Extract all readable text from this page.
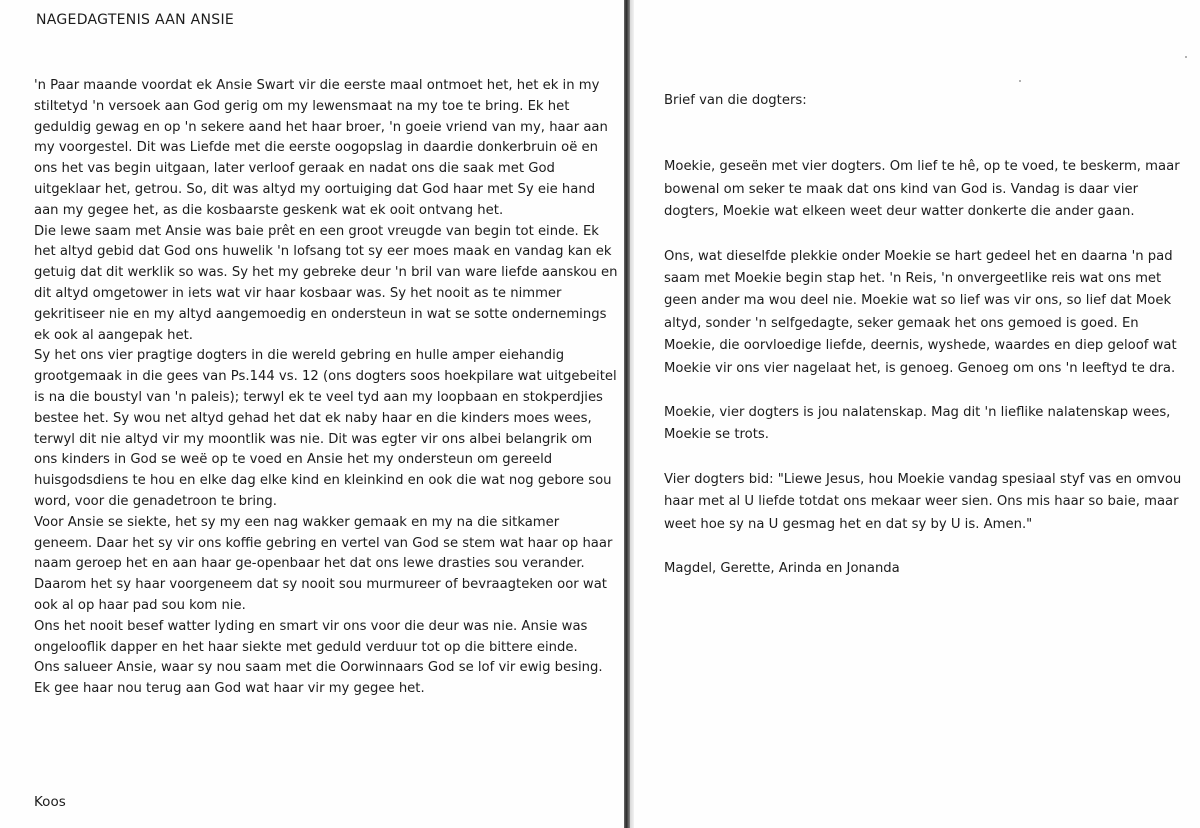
NAGEDAGTENIS AAN ANSIE

'n Paar maande voordat ek Ansie Swart vir die eerste maal ontmoet het, het ek in my stiltetyd 'n versoek aan God gerig om my lewensmaat na my toe te bring. Ek het geduldig gewag en op 'n sekere aand het haar broer, 'n goeie vriend van my, haar aan my voorgestel. Dit was Liefde met die eerste oogopslag in daardie donkerbruin oë en ons het vas begin uitgaan, later verloof geraak en nadat ons die saak met God uitgeklaar het, getrou. So, dit was altyd my oortuiging dat God haar met Sy eie hand aan my gegee het, as die kosbaarste geskenk wat ek ooit ontvang het.

Die lewe saam met Ansie was baie prêt en een groot vreugde van begin tot einde. Ek het altyd gebid dat God ons huwelik 'n lofsang tot sy eer moes maak en vandag kan ek getuig dat dit werklik so was. Sy het my gebreke deur 'n bril van ware liefde aanskou en dit altyd omgetower in iets wat vir haar kosbaar was. Sy het nooit as te nimmer gekritiseer nie en my altyd aangemoedig en ondersteun in wat se sotte ondernemings ek ook al aangepak het.

Sy het ons vier pragtige dogters in die wereld gebring en hulle amper eiehandig grootgemaak in die gees van Ps.144 vs. 12 (ons dogters soos hoekpilare wat uitgebeitel is na die boustyl van 'n paleis); terwyl ek te veel tyd aan my loopbaan en stokperdjies bestee het. Sy wou net altyd gehad het dat ek naby haar en die kinders moes wees, terwyl dit nie altyd vir my moontlik was nie. Dit was egter vir ons albei belangrik om ons kinders in God se weë op te voed en Ansie het my ondersteun om gereeld huisgodsdiens te hou en elke dag elke kind en kleinkind en ook die wat nog gebore sou word, voor die genadetroon te bring.

Voor Ansie se siekte, het sy my een nag wakker gemaak en my na die sitkamer geneem. Daar het sy vir ons koffie gebring en vertel van God se stem wat haar op haar naam geroep het en aan haar ge-openbaar het dat ons lewe drasties sou verander. Daarom het sy haar voorgeneem dat sy nooit sou murmureer of bevraagteken oor wat ook al op haar pad sou kom nie.

Ons het nooit besef watter lyding en smart vir ons voor die deur was nie. Ansie was ongelooflik dapper en het haar siekte met geduld verduur tot op die bittere einde.

Ons salueer Ansie, waar sy nou saam met die Oorwinnaars God se lof vir ewig besing. Ek gee haar nou terug aan God wat haar vir my gegee het.

Koos

Brief van die dogters:

Moekie, geseën met vier dogters. Om lief te hê, op te voed, te beskerm, maar bowenal om seker te maak dat ons kind van God is. Vandag is daar vier dogters, Moekie wat elkeen weet deur watter donkerte die ander gaan.

Ons, wat dieselfde plekkie onder Moekie se hart gedeel het en daarna 'n pad saam met Moekie begin stap het. 'n Reis, 'n onvergeetlike reis wat ons met geen ander ma wou deel nie. Moekie wat so lief was vir ons, so lief dat Moek altyd, sonder 'n selfgedagte, seker gemaak het ons gemoed is goed. En Moekie, die oorvloedige liefde, deernis, wyshede, waardes en diep geloof wat Moekie vir ons vier nagelaat het, is genoeg. Genoeg om ons 'n leeftyd te dra.

Moekie, vier dogters is jou nalatenskap. Mag dit 'n lieflike nalatenskap wees, Moekie se trots.

Vier dogters bid: "Liewe Jesus, hou Moekie vandag spesiaal styf vas en omvou haar met al U liefde totdat ons mekaar weer sien. Ons mis haar so baie, maar weet hoe sy na U gesmag het en dat sy by U is. Amen."

Magdel, Gerette, Arinda en Jonanda
